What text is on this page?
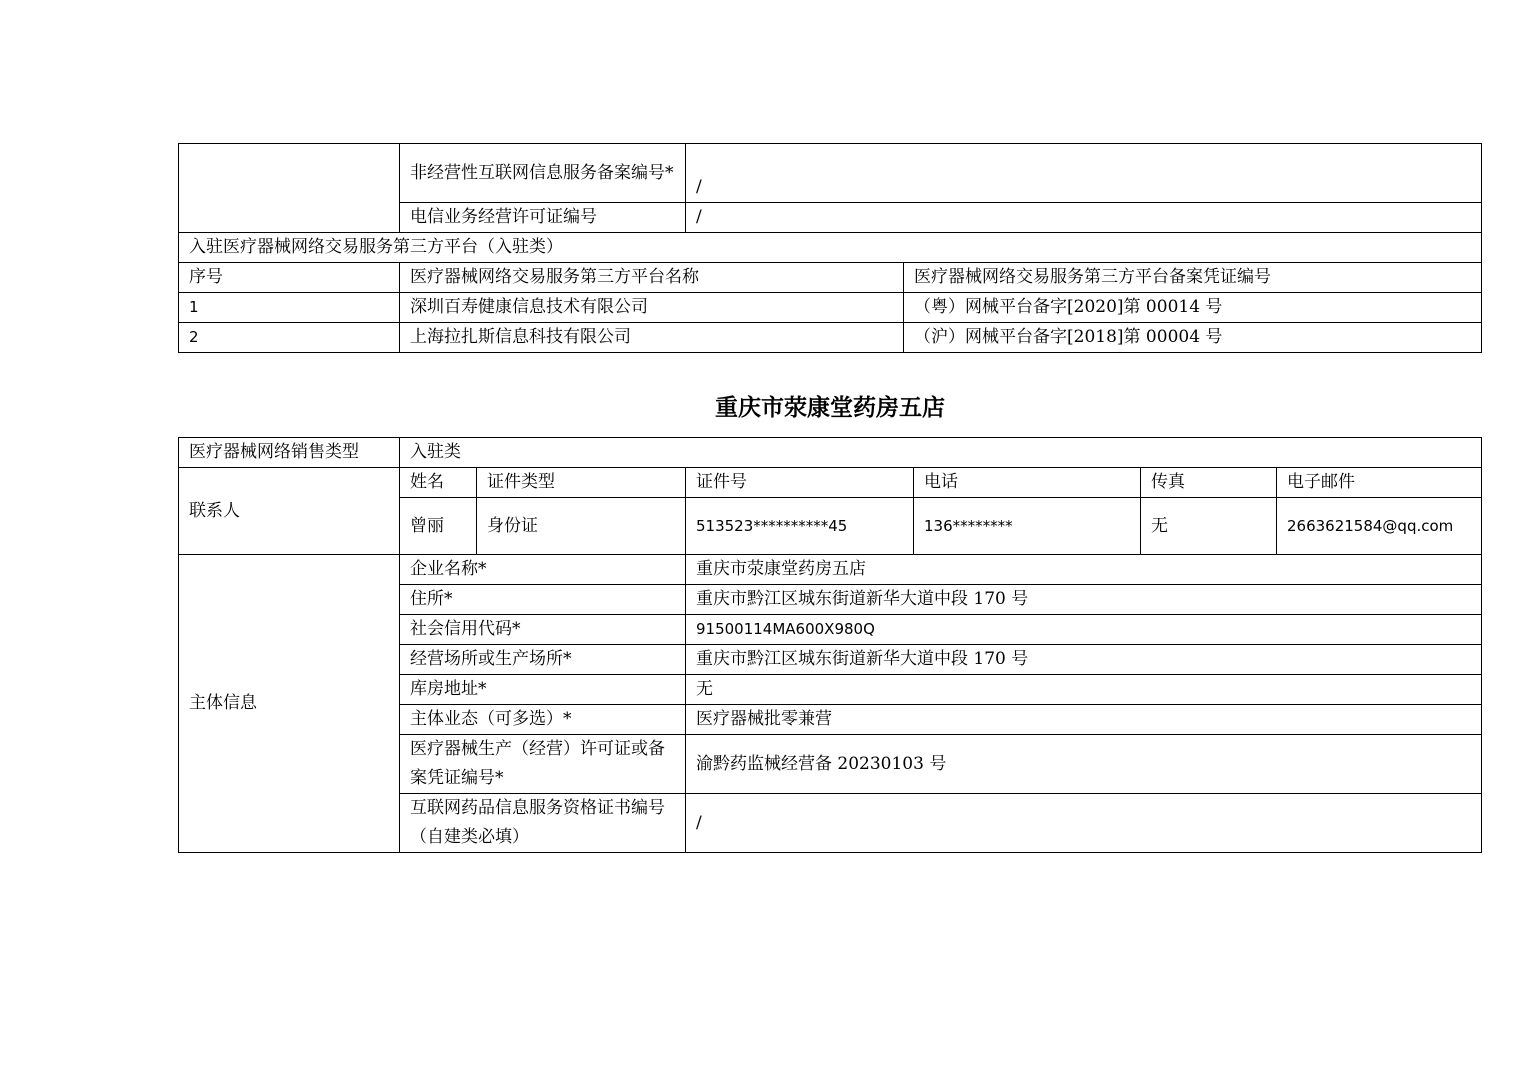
	非经营性互联网信息服务备案编号*	/	
	电信业务经营许可证编号	/	
入驻医疗器械网络交易服务第三方平台（入驻类）			
序号	医疗器械网络交易服务第三方平台名称		医疗器械网络交易服务第三方平台备案凭证编号
1	深圳百寿健康信息技术有限公司		（粤）网械平台备字[2020]第 00014 号
2	上海拉扎斯信息科技有限公司		（沪）网械平台备字[2018]第 00004 号
重庆市荥康堂药房五店
医疗器械网络销售类型	入驻类					
联系人	姓名	证件类型	证件号	电话	传真	电子邮件
	曾丽	身份证	513523**********45	136********	无	2663621584@qq.com
主体信息	企业名称*		重庆市荥康堂药房五店			
	住所*		重庆市黔江区城东街道新华大道中段 170 号			
	社会信用代码*		91500114MA600X980Q			
	经营场所或生产场所*		重庆市黔江区城东街道新华大道中段 170 号			
	库房地址*		无			
	主体业态（可多选）*		医疗器械批零兼营			
	医疗器械生产（经营）许可证或备案凭证编号*		渝黔药监械经营备 20230103 号			
	互联网药品信息服务资格证书编号（自建类必填）		/			
